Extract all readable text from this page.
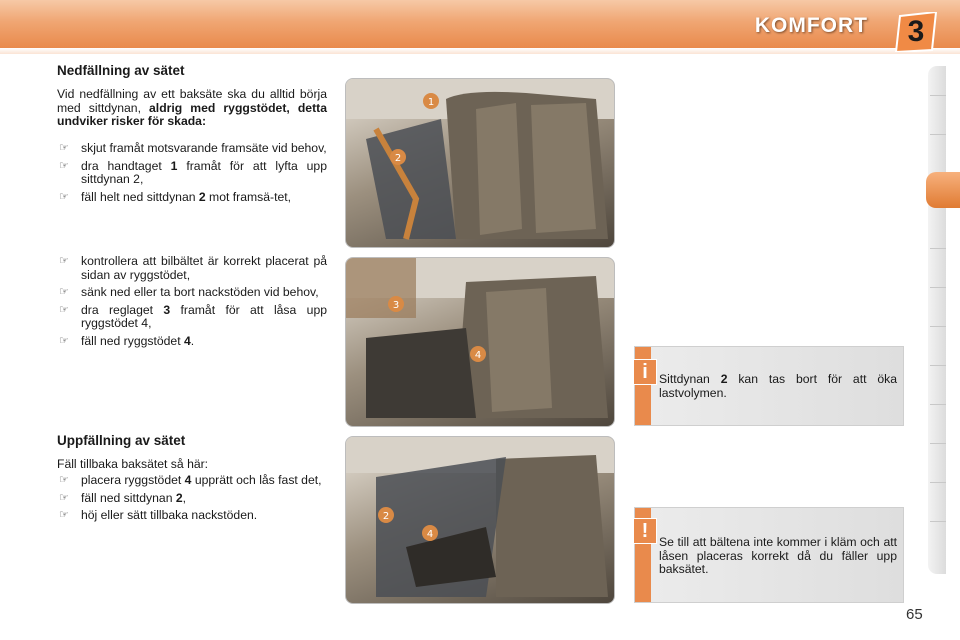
KOMFORT	3
Nedfällning av sätet
Vid nedfällning av ett baksäte ska du alltid börja med sittdynan, aldrig med ryggstödet, detta undviker risker för skada:
☞ skjut framåt motsvarande framsäte vid behov,
☞ dra handtaget 1 framåt för att lyfta upp sittdynan 2,
☞ fäll helt ned sittdynan 2 mot framsä-tet,
☞ kontrollera att bilbältet är korrekt placerat på sidan av ryggstödet,
☞ sänk ned eller ta bort nackstöden vid behov,
☞ dra reglaget 3 framåt för att låsa upp ryggstödet 4,
☞ fäll ned ryggstödet 4.
Uppfällning av sätet
Fäll tillbaka baksätet så här:
☞ placera ryggstödet 4 upprätt och lås fast det,
☞ fäll ned sittdynan 2,
☞ höj eller sätt tillbaka nackstöden.
1
2
3
4
2
4
i Sittdynan 2 kan tas bort för att öka lastvolymen.
! Se till att bältena inte kommer i kläm och att låsen placeras korrekt då du fäller upp baksätet.
65
